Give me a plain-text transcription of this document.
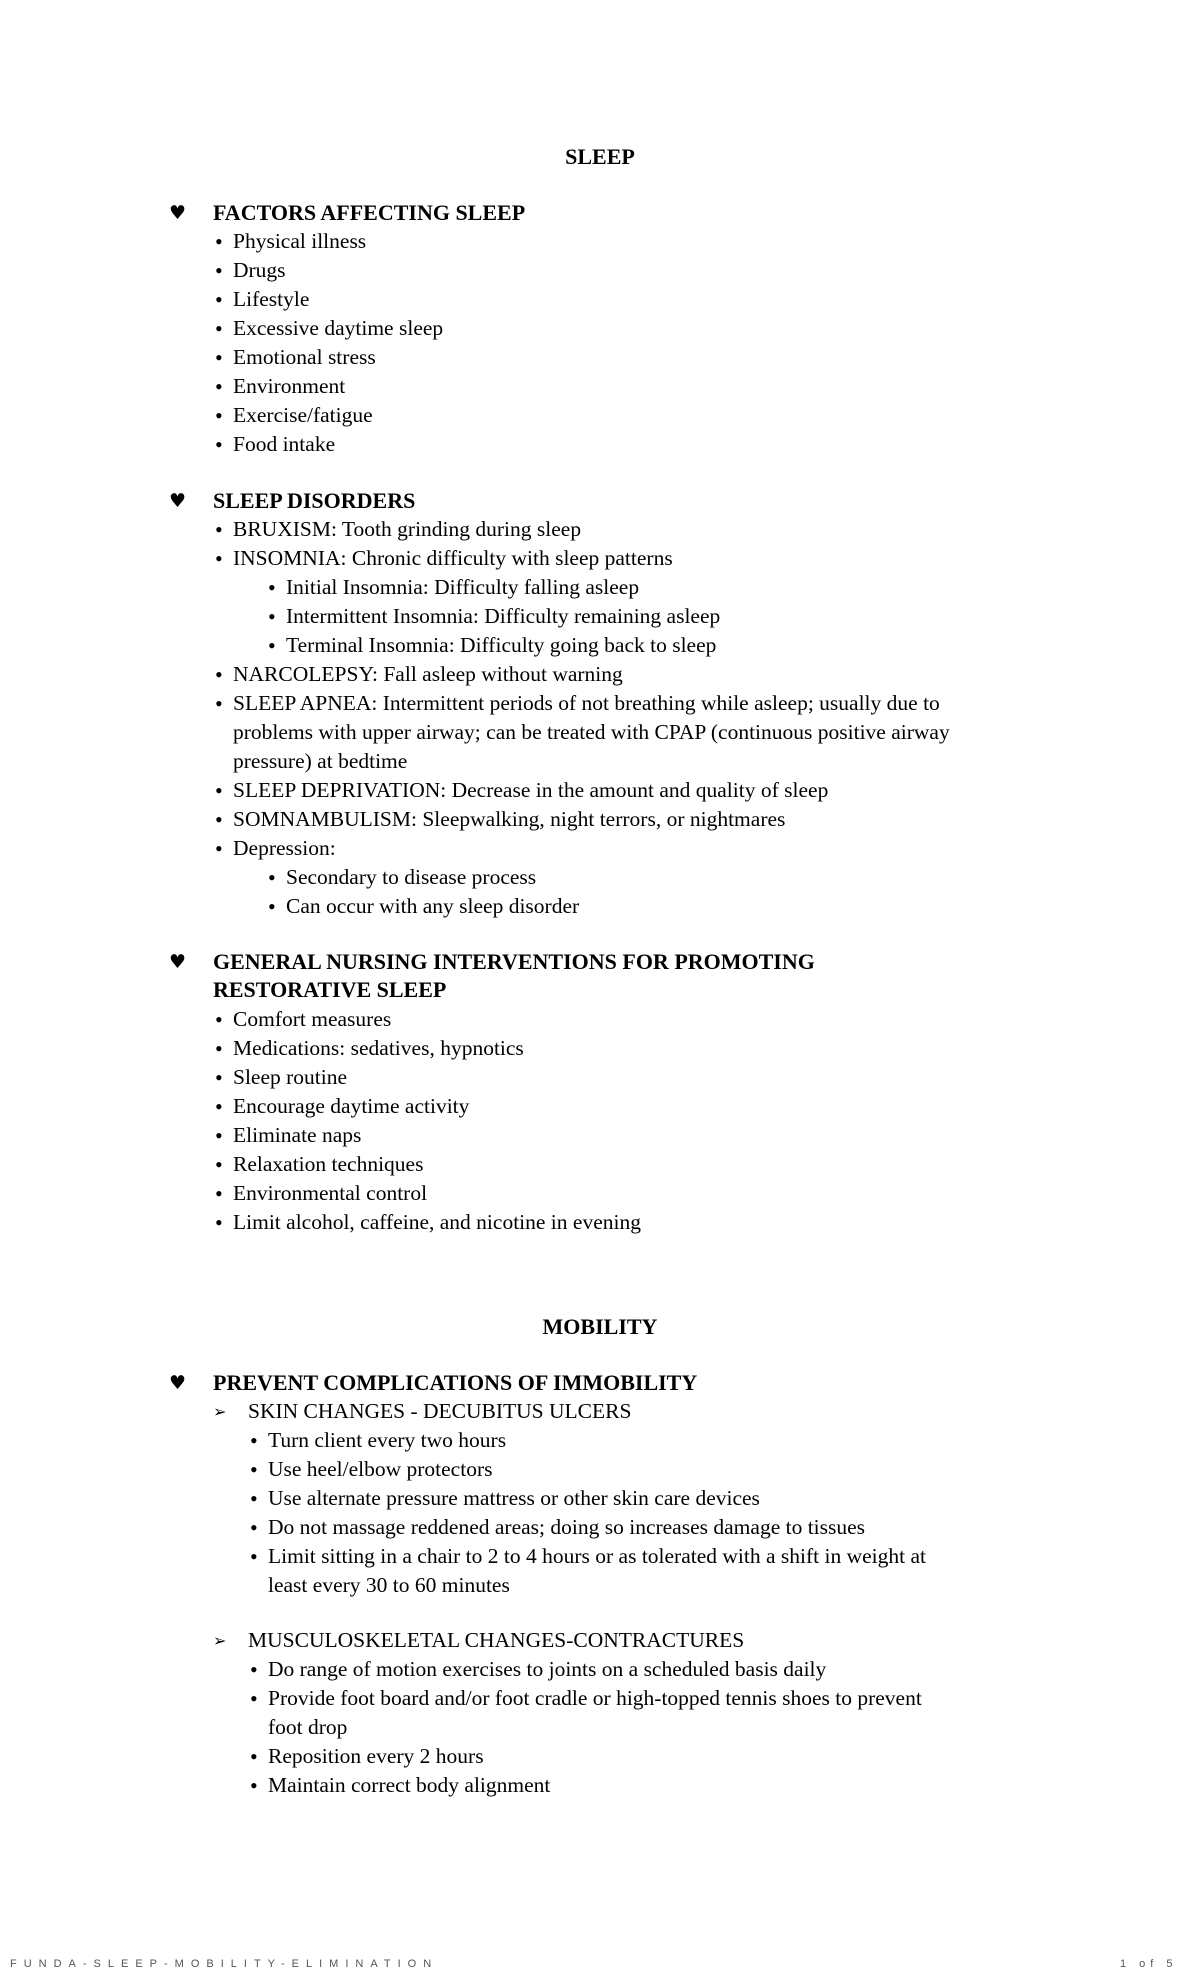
SLEEP
♥ FACTORS AFFECTING SLEEP
• Physical illness
• Drugs
• Lifestyle
• Excessive daytime sleep
• Emotional stress
• Environment
• Exercise/fatigue
• Food intake
♥ SLEEP DISORDERS
• BRUXISM: Tooth grinding during sleep
• INSOMNIA: Chronic difficulty with sleep patterns
• Initial Insomnia: Difficulty falling asleep
• Intermittent Insomnia: Difficulty remaining asleep
• Terminal Insomnia: Difficulty going back to sleep
• NARCOLEPSY: Fall asleep without warning
• SLEEP APNEA: Intermittent periods of not breathing while asleep; usually due to
problems with upper airway; can be treated with CPAP (continuous positive airway
pressure) at bedtime
• SLEEP DEPRIVATION: Decrease in the amount and quality of sleep
• SOMNAMBULISM: Sleepwalking, night terrors, or nightmares
• Depression:
• Secondary to disease process
• Can occur with any sleep disorder
♥ GENERAL NURSING INTERVENTIONS FOR PROMOTING
RESTORATIVE SLEEP
• Comfort measures
• Medications: sedatives, hypnotics
• Sleep routine
• Encourage daytime activity
• Eliminate naps
• Relaxation techniques
• Environmental control
• Limit alcohol, caffeine, and nicotine in evening
MOBILITY
♥ PREVENT COMPLICATIONS OF IMMOBILITY
➢ SKIN CHANGES - DECUBITUS ULCERS
• Turn client every two hours
• Use heel/elbow protectors
• Use alternate pressure mattress or other skin care devices
• Do not massage reddened areas; doing so increases damage to tissues
• Limit sitting in a chair to 2 to 4 hours or as tolerated with a shift in weight at
least every 30 to 60 minutes
➢ MUSCULOSKELETAL CHANGES-CONTRACTURES
• Do range of motion exercises to joints on a scheduled basis daily
• Provide foot board and/or foot cradle or high-topped tennis shoes to prevent
foot drop
• Reposition every 2 hours
• Maintain correct body alignment
FUNDA-SLEEP-MOBILITY-ELIMINATION	1 of 5
